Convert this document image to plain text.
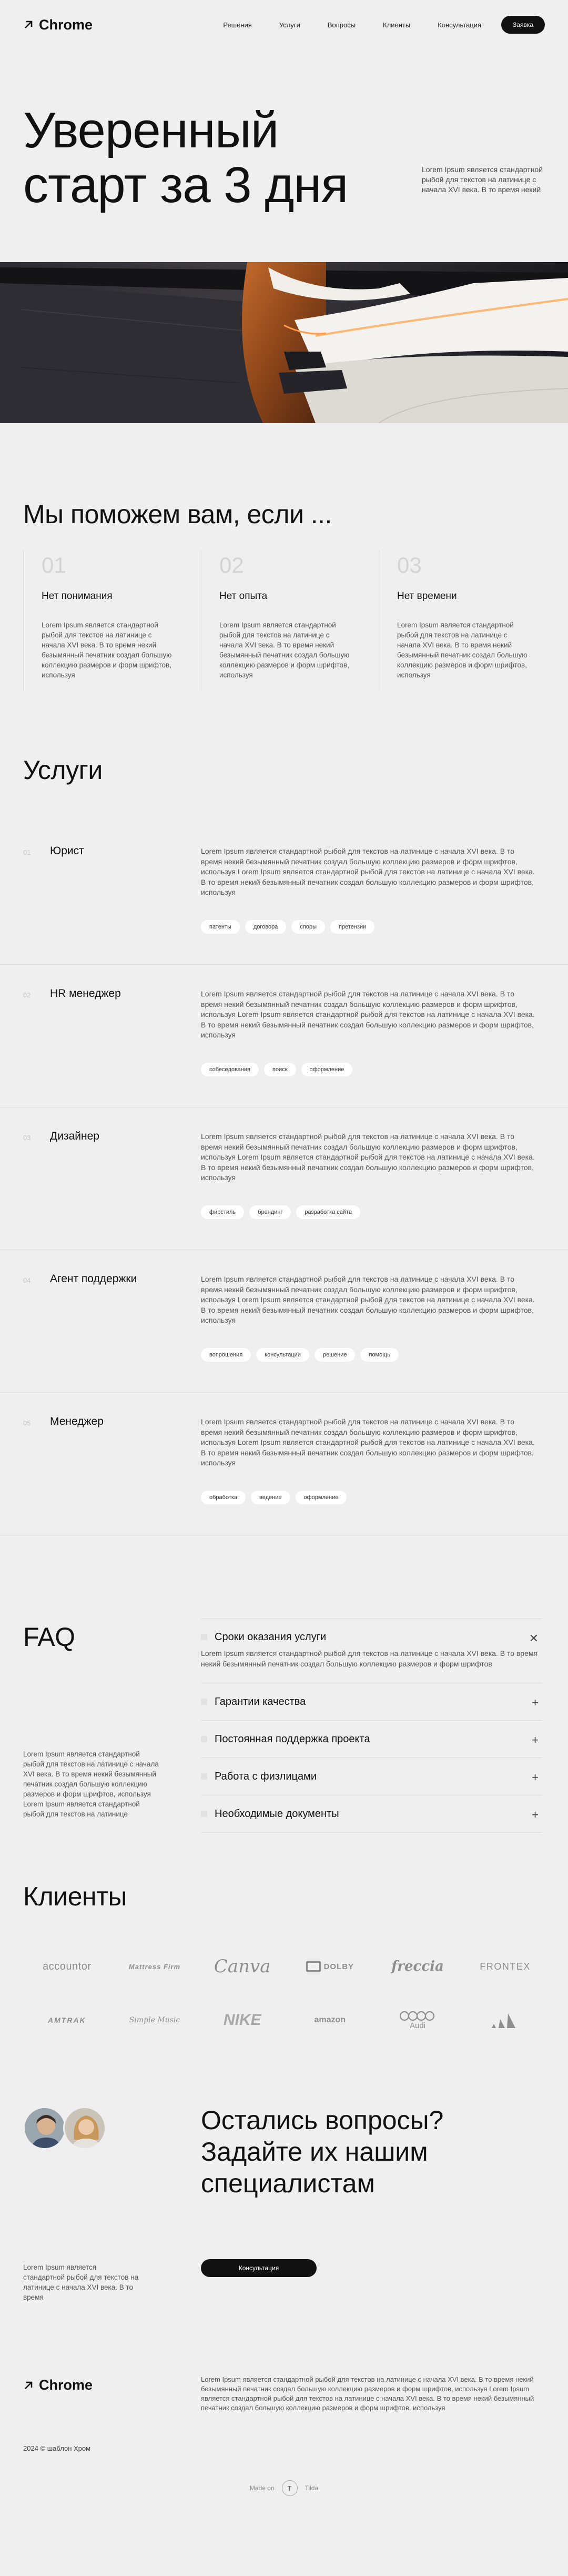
Chrome	Решения	Услуги	Вопросы	Клиенты	Консультация	Заявка
Уверенный
старт за 3 дня	Lorem Ipsum является стандартной рыбой для текстов на латинице с начала XVI века. В то время некий

Мы поможем вам, если ...
01
Нет понимания

Lorem Ipsum является стандартной рыбой для текстов на латинице с начала XVI века. В то время некий безымянный печатник создал большую коллекцию размеров и форм шрифтов, используя

02
Нет опыта

Lorem Ipsum является стандартной рыбой для текстов на латинице с начала XVI века. В то время некий безымянный печатник создал большую коллекцию размеров и форм шрифтов, используя

03
Нет времени

Lorem Ipsum является стандартной рыбой для текстов на латинице с начала XVI века. В то время некий безымянный печатник создал большую коллекцию размеров и форм шрифтов, используя

Услуги
01 Юрист	Lorem Ipsum является стандартной рыбой для текстов на латинице с начала XVI века. В то время некий безымянный печатник создал большую коллекцию размеров и форм шрифтов, используя Lorem Ipsum является стандартной рыбой для текстов на латинице с начала XVI века. В то время некий безымянный печатник создал большую коллекцию размеров и форм шрифтов, используя

патенты	договора	споры	претензии
02 HR менеджер	Lorem Ipsum является стандартной рыбой для текстов на латинице с начала XVI века. В то время некий безымянный печатник создал большую коллекцию размеров и форм шрифтов, используя Lorem Ipsum является стандартной рыбой для текстов на латинице с начала XVI века. В то время некий безымянный печатник создал большую коллекцию размеров и форм шрифтов, используя

собеседования	поиск	оформление
03 Дизайнер	Lorem Ipsum является стандартной рыбой для текстов на латинице с начала XVI века. В то время некий безымянный печатник создал большую коллекцию размеров и форм шрифтов, используя Lorem Ipsum является стандартной рыбой для текстов на латинице с начала XVI века. В то время некий безымянный печатник создал большую коллекцию размеров и форм шрифтов, используя

фирстиль	брендинг	разработка сайта
04 Агент поддержки	Lorem Ipsum является стандартной рыбой для текстов на латинице с начала XVI века. В то время некий безымянный печатник создал большую коллекцию размеров и форм шрифтов, используя Lorem Ipsum является стандартной рыбой для текстов на латинице с начала XVI века. В то время некий безымянный печатник создал большую коллекцию размеров и форм шрифтов, используя

вопрошения	консультации	решение	помощь
05 Менеджер	Lorem Ipsum является стандартной рыбой для текстов на латинице с начала XVI века. В то время некий безымянный печатник создал большую коллекцию размеров и форм шрифтов, используя Lorem Ipsum является стандартной рыбой для текстов на латинице с начала XVI века. В то время некий безымянный печатник создал большую коллекцию размеров и форм шрифтов, используя

обработка	ведение	оформление
FAQ

Lorem Ipsum является стандартной рыбой для текстов на латинице с начала XVI века. В то время некий безымянный печатник создал большую коллекцию размеров и форм шрифтов, используя Lorem Ipsum является стандартной рыбой для текстов на латинице

Сроки оказания услуги	✕

Lorem Ipsum является стандартной рыбой для текстов на латинице с начала XVI века. В то время некий безымянный печатник создал большую коллекцию размеров и форм шрифтов

Гарантии качества	+
Постоянная поддержка проекта	+
Работа с физлицами	+
Необходимые документы	+
Клиенты
accountor	Mattress Firm Canva	DOLBY	freccia	FRONTEX
AMTRAK	Simple Music	NIKE	amazon
Audi

Lorem Ipsum является стандартной рыбой для текстов на латинице с начала XVI века. В то время

Остались вопросы? Задайте их нашим специалистам
Консультация
Chrome	Lorem Ipsum является стандартной рыбой для текстов на латинице с начала XVI века. В то время некий безымянный печатник создал большую коллекцию размеров и форм шрифтов, используя Lorem Ipsum является стандартной рыбой для текстов на латинице с начала XVI века. В то время некий безымянный печатник создал большую коллекцию размеров и форм шрифтов, используя

2024 © шаблон Хром
Made on	T	Tilda
